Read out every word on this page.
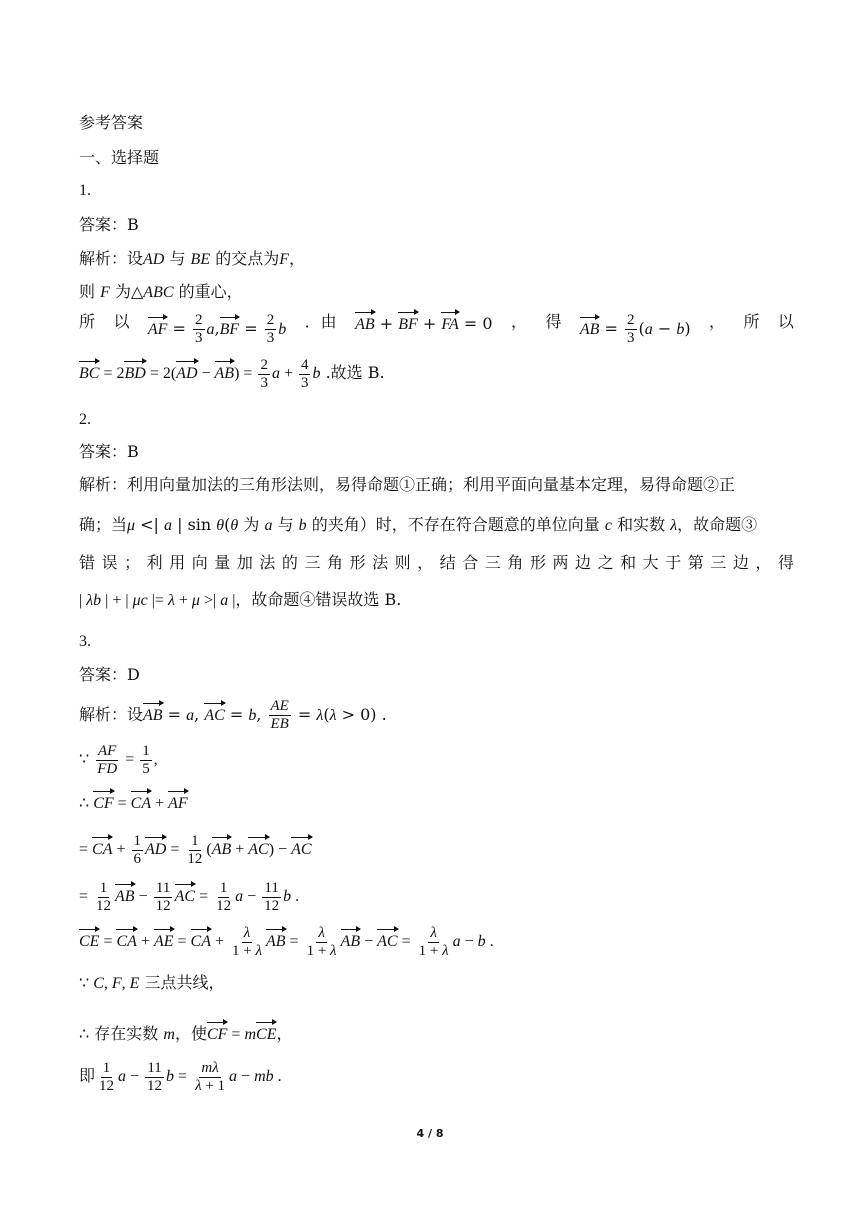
参考答案
一、选择题
1.
答案：B
解析：设AD 与 BE 的交点为F，
则 F 为△ABC 的重心，
所 以 AF = $\frac{2}{3} a,BF = \frac{2}{3}$ b ．由 AB + BF + FA = 0 ， 得 AB = $\frac{2}{3} (a - b)$ ， 所 以
BC = $2BD = 2(AD - AB) = \frac{2}{3}$ $a + \frac{4}{3}$ b .故选 B.
2.
答案：B
解析：利用向量加法的三角形法则，易得命题①正确；利用平面向量基本定理，易得命题②正
确；当μ <| a | sin θ(θ 为 a 与 b 的夹角）时，不存在符合题意的单位向量 c 和实数 λ，故命题③
错 误 ； 利 用 向 量 加 法 的 三 角 形 法 则 ， 结 合 三 角 形 两 边 之 和 大 于 第 三 边 ， 得
| λb | + | μc |= λ + μ >| a |，故命题④错误故选 B.
3.
答案：D
解析：设AB = a, AC = b, $\frac{AE}{EB} = \lambda(\lambda > 0)$ .
∵ $\frac{AF}{FD} = \frac{1}{5}$ ,
∴ CF = CA + AF
= CA + $\frac{1}{6}$ AD = $\frac{1}{12} (AB + AC)$ − AC
= $\frac{1}{12}$ AB − $\frac{11}{12}$ AC = $\frac{1}{12}$ $a - \frac{11}{12}$ b .
CE = CA + AE = CA + $\frac{\lambda}{1 + \lambda}$ AB = $\frac{\lambda}{1 + \lambda}$ AB − AC = $\frac{\lambda}{1 + \lambda}$ a − b .
∵ C, F, E 三点共线，
∴ 存在实数 m，使CF = mCE，
即 $\frac{1}{12}$ $a - \frac{11}{12}$ $b = \frac{m\lambda}{\lambda + 1}$ a − mb .
4 / 8
